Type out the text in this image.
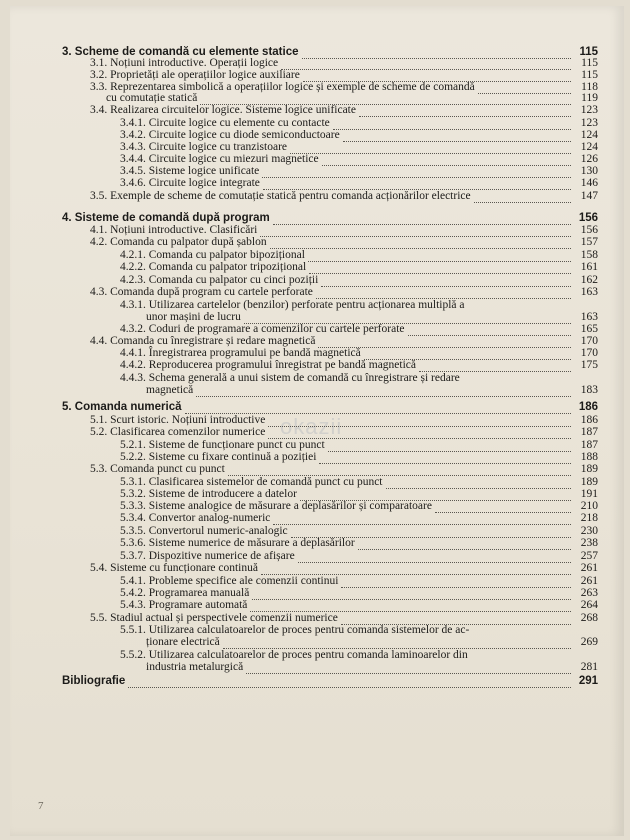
okazii
3. Scheme de comandă cu elemente statice	115
3.1. Noțiuni introductive. Operații logice	115
3.2. Proprietăți ale operațiilor logice auxiliare	115
3.3. Reprezentarea simbolică a operațiilor logice și exemple de scheme de comandă	118
cu comutație statică	119
3.4. Realizarea circuitelor logice. Sisteme logice unificate	123
3.4.1. Circuite logice cu elemente cu contacte	123
3.4.2. Circuite logice cu diode semiconductoare	124
3.4.3. Circuite logice cu tranzistoare	124
3.4.4. Circuite logice cu miezuri magnetice	126
3.4.5. Sisteme logice unificate	130
3.4.6. Circuite logice integrate	146
3.5. Exemple de scheme de comutație statică pentru comanda acționărilor electrice	147
4. Sisteme de comandă după program	156
4.1. Noțiuni introductive. Clasificări	156
4.2. Comanda cu palpator după șablon	157
4.2.1. Comanda cu palpator bipozițional	158
4.2.2. Comanda cu palpator tripozițional	161
4.2.3. Comanda cu palpator cu cinci poziții	162
4.3. Comanda după program cu cartele perforate	163
4.3.1. Utilizarea cartelelor (benzilor) perforate pentru acționarea multiplă a
unor mașini de lucru	163
4.3.2. Coduri de programare a comenzilor cu cartele perforate	165
4.4. Comanda cu înregistrare și redare magnetică	170
4.4.1. Înregistrarea programului pe bandă magnetică	170
4.4.2. Reproducerea programului înregistrat pe bandă magnetică	175
4.4.3. Schema generală a unui sistem de comandă cu înregistrare și redare
magnetică	183
5. Comanda numerică	186
5.1. Scurt istoric. Noțiuni introductive	186
5.2. Clasificarea comenzilor numerice	187
5.2.1. Sisteme de funcționare punct cu punct	187
5.2.2. Sisteme cu fixare continuă a poziției	188
5.3. Comanda punct cu punct	189
5.3.1. Clasificarea sistemelor de comandă punct cu punct	189
5.3.2. Sisteme de introducere a datelor	191
5.3.3. Sisteme analogice de măsurare a deplasărilor și comparatoare	210
5.3.4. Convertor analog-numeric	218
5.3.5. Convertorul numeric-analogic	230
5.3.6. Sisteme numerice de măsurare a deplasărilor	238
5.3.7. Dispozitive numerice de afișare	257
5.4. Sisteme cu funcționare continuă	261
5.4.1. Probleme specifice ale comenzii continui	261
5.4.2. Programarea manuală	263
5.4.3. Programare automată	264
5.5. Stadiul actual și perspectivele comenzii numerice	268
5.5.1. Utilizarea calculatoarelor de proces pentru comanda sistemelor de ac-
ționare electrică	269
5.5.2. Utilizarea calculatoarelor de proces pentru comanda laminoarelor din
industria metalurgică	281
Bibliografie	291
7
